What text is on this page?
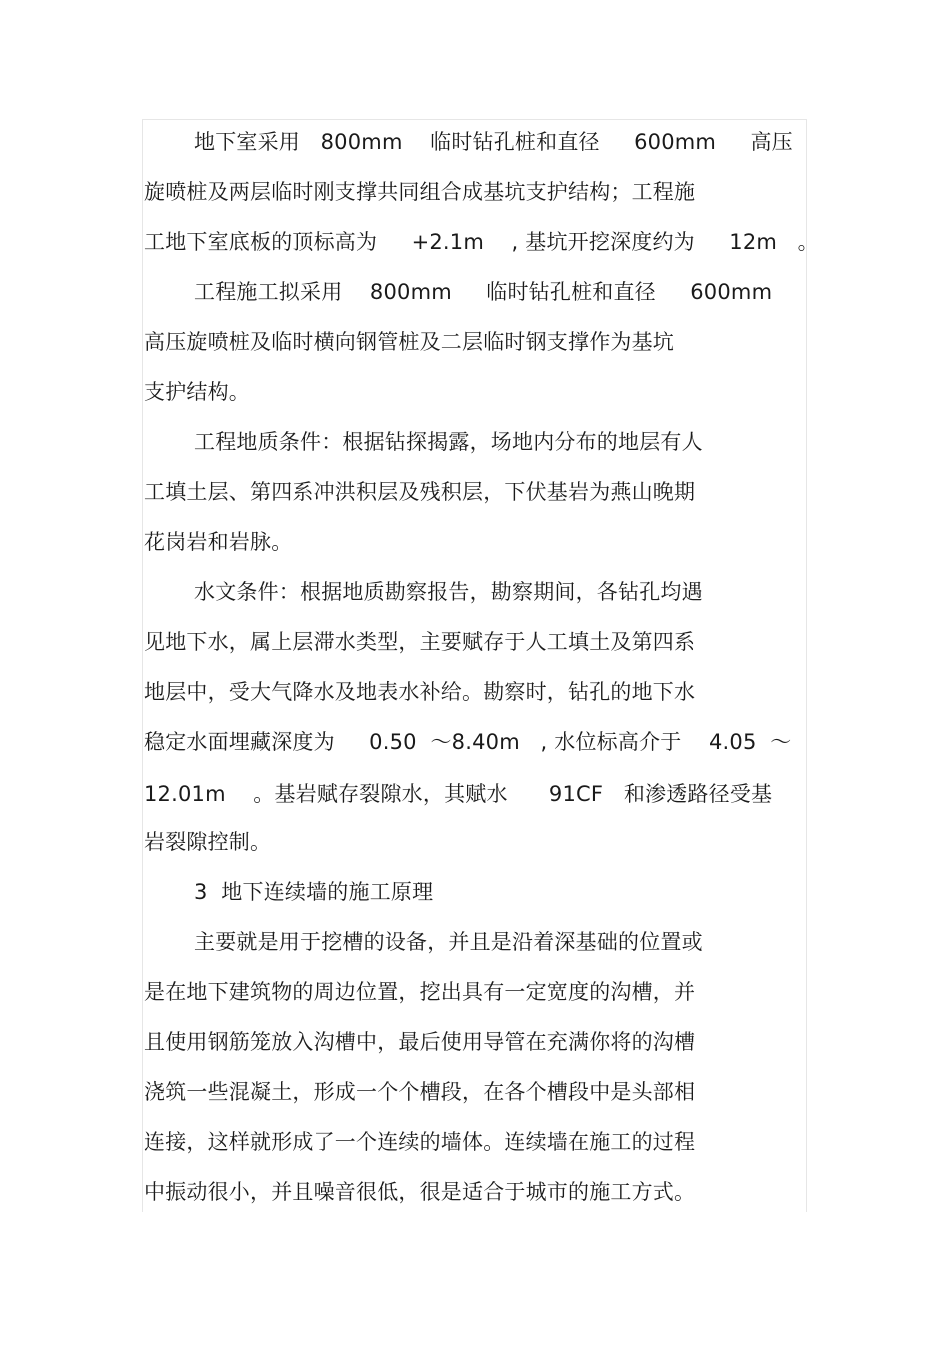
地下室采用   800mm    临时钻孔桩和直径     600mm     高压
旋喷桩及两层临时刚支撑共同组合成基坑支护结构；工程施
工地下室底板的顶标高为     +2.1m    , 基坑开挖深度约为     12m   。
工程施工拟采用    800mm     临时钻孔桩和直径     600mm
高压旋喷桩及临时横向钢管桩及二层临时钢支撑作为基坑
支护结构。
工程地质条件：根据钻探揭露，场地内分布的地层有人
工填土层、第四系冲洪积层及残积层，下伏基岩为燕山晚期
花岗岩和岩脉。
水文条件：根据地质勘察报告，勘察期间，各钻孔均遇
见地下水，属上层滞水类型，主要赋存于人工填土及第四系
地层中，受大气降水及地表水补给。勘察时，钻孔的地下水
稳定水面埋藏深度为     0.50  ～8.40m   , 水位标高介于    4.05  ～
12.01m    。基岩赋存裂隙水，其赋水      91CF   和渗透路径受基
岩裂隙控制。
3  地下连续墙的施工原理
主要就是用于挖槽的设备，并且是沿着深基础的位置或
是在地下建筑物的周边位置，挖出具有一定宽度的沟槽，并
且使用钢筋笼放入沟槽中，最后使用导管在充满你将的沟槽
浇筑一些混凝土，形成一个个槽段，在各个槽段中是头部相
连接，这样就形成了一个连续的墙体。连续墙在施工的过程
中振动很小，并且噪音很低，很是适合于城市的施工方式。
